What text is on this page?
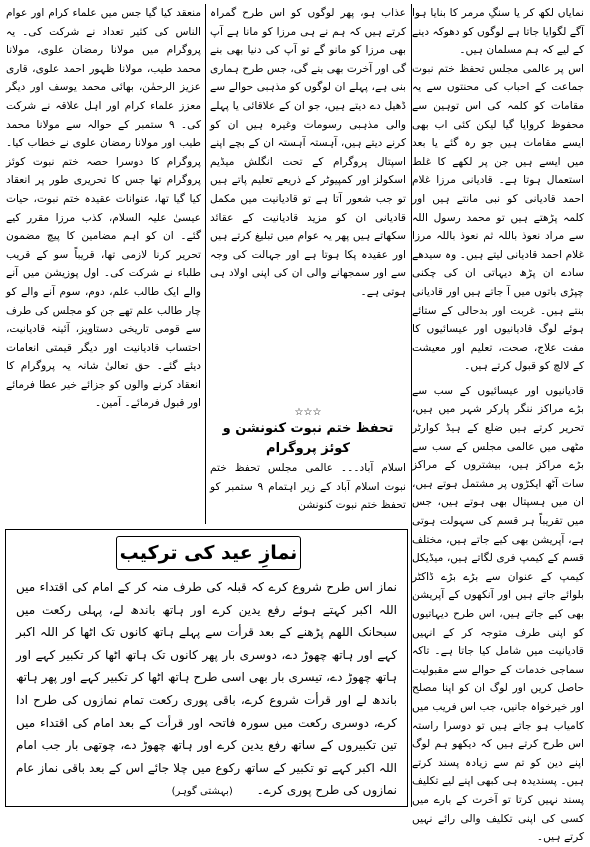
نمایاں لکھ کر یا سنگِ مرمر کا بنایا ہوا آگے لگوایا جاتا ہے لوگوں کو دھوکہ دینے کے لیے کہ ہم مسلمان ہیں۔

اس پر عالمی مجلس تحفظ ختم نبوت جماعت کے احباب کی محنتوں سے یہ مقامات کو کلمہ کی اس توہین سے محفوظ کروایا گیا لیکن کئی اب بھی ایسے مقامات ہیں جو رہ گئے یا بعد میں ایسے ہیں جن پر لکھے کا غلط استعمال ہوتا ہے۔ قادیانی مرزا غلام احمد قادیانی کو نبی مانتے ہیں اور کلمہ پڑھتے ہیں تو محمد رسول اللہ سے مراد نعوذ باللہ ثم نعوذ باللہ مرزا غلام احمد قادیانی لیتے ہیں۔ وہ سیدھے سادے ان پڑھ دیہاتی ان کی چکنی چپڑی باتوں میں آ جاتے ہیں اور قادیانی بنتے ہیں۔ غربت اور بدحالی کے ستائے ہوئے لوگ قادیانیوں اور عیسائیوں کا مفت علاج، صحت، تعلیم اور معیشت کے لالچ کو قبول کرتے ہیں۔

قادیانیوں اور عیسائیوں کے سب سے بڑے مراکز ننگر پارکر شہر میں ہیں، تحریر کرتے ہیں ضلع کے ہیڈ کوارٹر مٹھی میں عالمی مجلس کے سب سے بڑے مراکز ہیں، بیشتروں کے مراکز سات آٹھ ایکڑوں پر مشتمل ہوتے ہیں، ان میں ہسپتال بھی ہوتے ہیں، جس میں تقریباً ہر قسم کی سہولت ہوتی ہے، آپریشن بھی کیے جاتے ہیں، مختلف قسم کے کیمپ فری لگاتے ہیں، میڈیکل کیمپ کے عنوان سے بڑے بڑے ڈاکٹر بلوائے جاتے ہیں اور آنکھوں کے آپریشن بھی کیے جاتے ہیں، اس طرح دیہاتیوں کو اپنی طرف متوجہ کر کے انہیں قادیانیت میں شامل کیا جاتا ہے۔ تاکہ سماجی خدمات کے حوالے سے مقبولیت حاصل کریں اور لوگ ان کو اپنا مصلح اور خیرخواہ جانیں، جب اس فریب میں کامیاب ہو جاتے ہیں تو دوسرا راستہ اس طرح کرتے ہیں کہ دیکھو ہم لوگ اپنے دین کو تم سے زیادہ پسند کرتے ہیں۔ پسندیدہ ہی کبھی اپنے لیے تکلیف پسند نہیں کرتا تو آخرت کے بارے میں کسی کی اپنی تکلیف والی رائے نہیں کرتے ہیں۔

عذاب ہو، پھر لوگوں کو اس طرح گمراہ کرتے ہیں کہ ہم نے ہی مرزا کو مانا ہے آپ بھی مرزا کو مانو گے تو آپ کی دنیا بھی بنے گی اور آخرت بھی بنے گی، جس طرح ہماری بنی ہے، پہلے ان لوگوں کو مذہبی حوالے سے ڈھیل دے دیتے ہیں، جو ان کے علاقائی یا پہلے والی مذہبی رسومات وغیرہ ہیں ان کو کرنے دیتے ہیں، آہستہ آہستہ ان کے بچے اپنے اسپتال پروگرام کے تحت انگلش میڈیم اسکولز اور کمپیوٹر کے ذریعے تعلیم پاتے ہیں تو جب شعور آتا ہے تو قادیانیت میں مکمل قادیانی ان کو مزید قادیانیت کے عقائد سکھاتے ہیں پھر یہ عوام میں تبلیغ کرتے ہیں اور عقیدہ پکا ہوتا ہے اور جہالت کی وجہ سے اور سمجھانے والی ان کی اپنی اولاد ہی ہوتی ہے۔

☆☆☆
تحفظ ختم نبوت کنونشن و کوئز پروگرام

اسلام آباد۔۔۔ عالمی مجلس تحفظ ختم نبوت اسلام آباد کے زیر اہتمام ۹ ستمبر کو تحفظ ختم نبوت کنونشن

منعقد کیا گیا جس میں علماء کرام اور عوام الناس کی کثیر تعداد نے شرکت کی۔ یہ پروگرام میں مولانا رمضان علوی، مولانا محمد طیب، مولانا ظہور احمد علوی، قاری عزیز الرحمٰن، بھائی محمد یوسف اور دیگر معزز علماء کرام اور اہل علاقہ نے شرکت کی۔ ۹ ستمبر کے حوالہ سے مولانا محمد طیب اور مولانا رمضان علوی نے خطاب کیا۔ پروگرام کا دوسرا حصہ ختم نبوت کوئز پروگرام تھا جس کا تحریری طور پر انعقاد کیا گیا تھا، عنوانات عقیدہ ختم نبوت، حیات عیسیٰ علیہ السلام، کذب مرزا مقرر کیے گئے۔ ان کو اہم مضامین کا پیچ مضمون تحریر کرنا لازمی تھا، قریباً سو کے قریب طلباء نے شرکت کی۔ اول پوزیشن میں آنے والے ایک طالب علم، دوم، سوم آنے والے کو چار طالب علم تھے جن کو مجلس کی طرف سے قومی تاریخی دستاویز، آئینہ قادیانیت، احتساب قادیانیت اور دیگر قیمتی انعامات دیئے گئے۔ حق تعالیٰ شانہ یہ پروگرام کا انعقاد کرنے والوں کو جزائے خیر عطا فرمائے اور قبول فرمائے۔ آمین۔

نمازِ عید کی ترکیب
نماز اس طرح شروع کرے کہ قبلہ کی طرف منہ کر کے امام کی اقتداء میں اللہ اکبر کہتے ہوئے رفع یدین کرے اور ہاتھ باندھ لے، پہلی رکعت میں سبحانک اللھم پڑھنے کے بعد قرأت سے پہلے ہاتھ کانوں تک اٹھا کر اللہ اکبر کہے اور ہاتھ چھوڑ دے، دوسری بار پھر کانوں تک ہاتھ اٹھا کر تکبیر کہے اور ہاتھ چھوڑ دے، تیسری بار بھی اسی طرح ہاتھ اٹھا کر تکبیر کہے اور پھر ہاتھ باندھ لے اور قرأت شروع کرے، باقی پوری رکعت تمام نمازوں کی طرح ادا کرے، دوسری رکعت میں سورہ فاتحہ اور قرأت کے بعد امام کی اقتداء میں تین تکبیروں کے ساتھ رفع یدین کرے اور ہاتھ چھوڑ دے، چوتھی بار جب امام اللہ اکبر کہے تو تکبیر کے ساتھ رکوع میں چلا جائے اس کے بعد باقی نماز عام نمازوں کی طرح پوری کرے۔ (بہشتی گوہر)
